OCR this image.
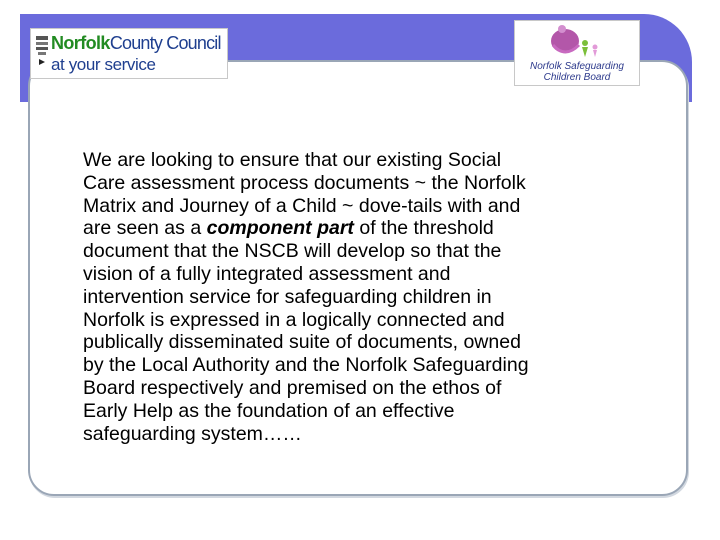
NorfolkCounty Council
at your service	Norfolk Safeguarding
Children Board
We are looking to ensure that our existing Social
Care assessment process documents ~ the Norfolk
Matrix and Journey of a Child ~ dove-tails with and
are seen as a component part of the threshold
document that the NSCB will develop so that the
vision of a fully integrated assessment and
intervention service for safeguarding children in
Norfolk is expressed in a logically connected and
publically disseminated suite of documents, owned
by the Local Authority and the Norfolk Safeguarding
Board respectively and premised on the ethos of
Early Help as the foundation of an effective
safeguarding system……
